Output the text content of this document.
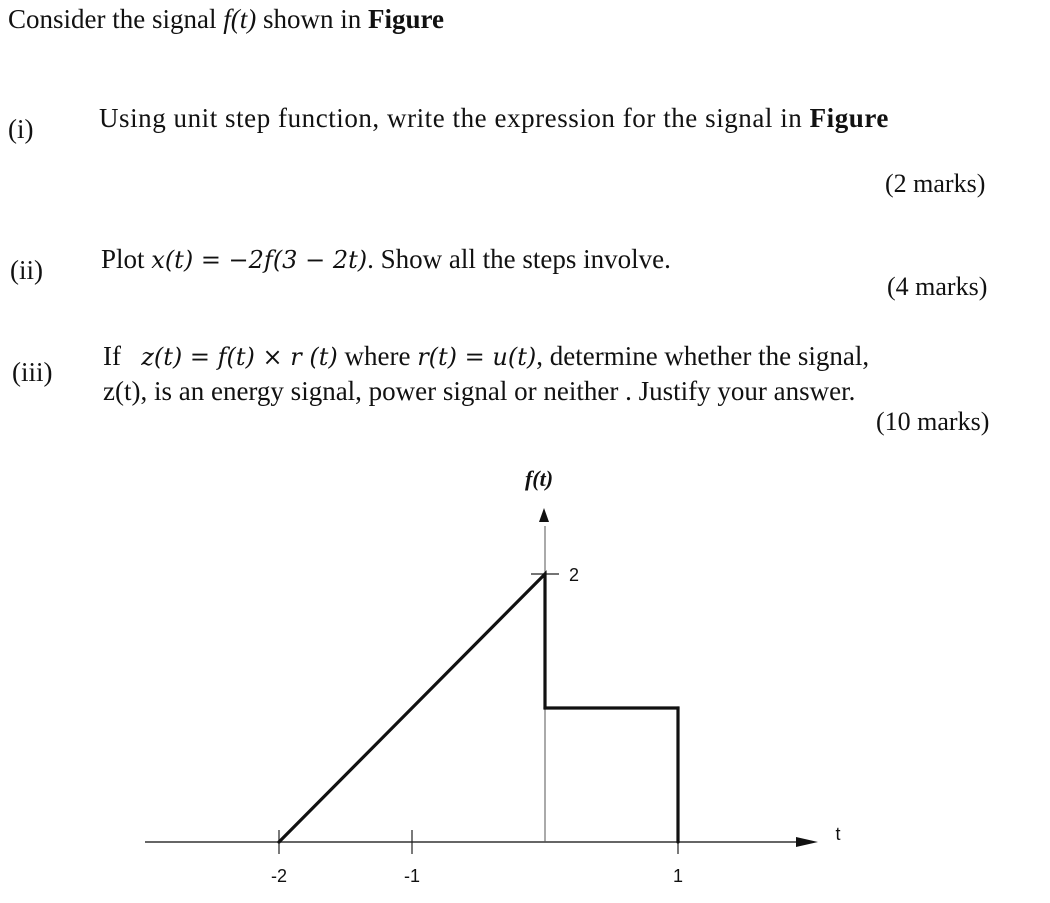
Consider the signal f(t) shown in Figure
(i) Using unit step function, write the expression for the signal in Figure
(2 marks)
(ii) Plot x(t) = −2f(3 − 2t). Show all the steps involve.
(4 marks)
(iii)
If z(t) = f(t) × r (t) where r(t) = u(t), determine whether the signal,
z(t), is an energy signal, power signal or neither . Justify your answer.
(10 marks)
-2	-1	1
2
f(t)
t
